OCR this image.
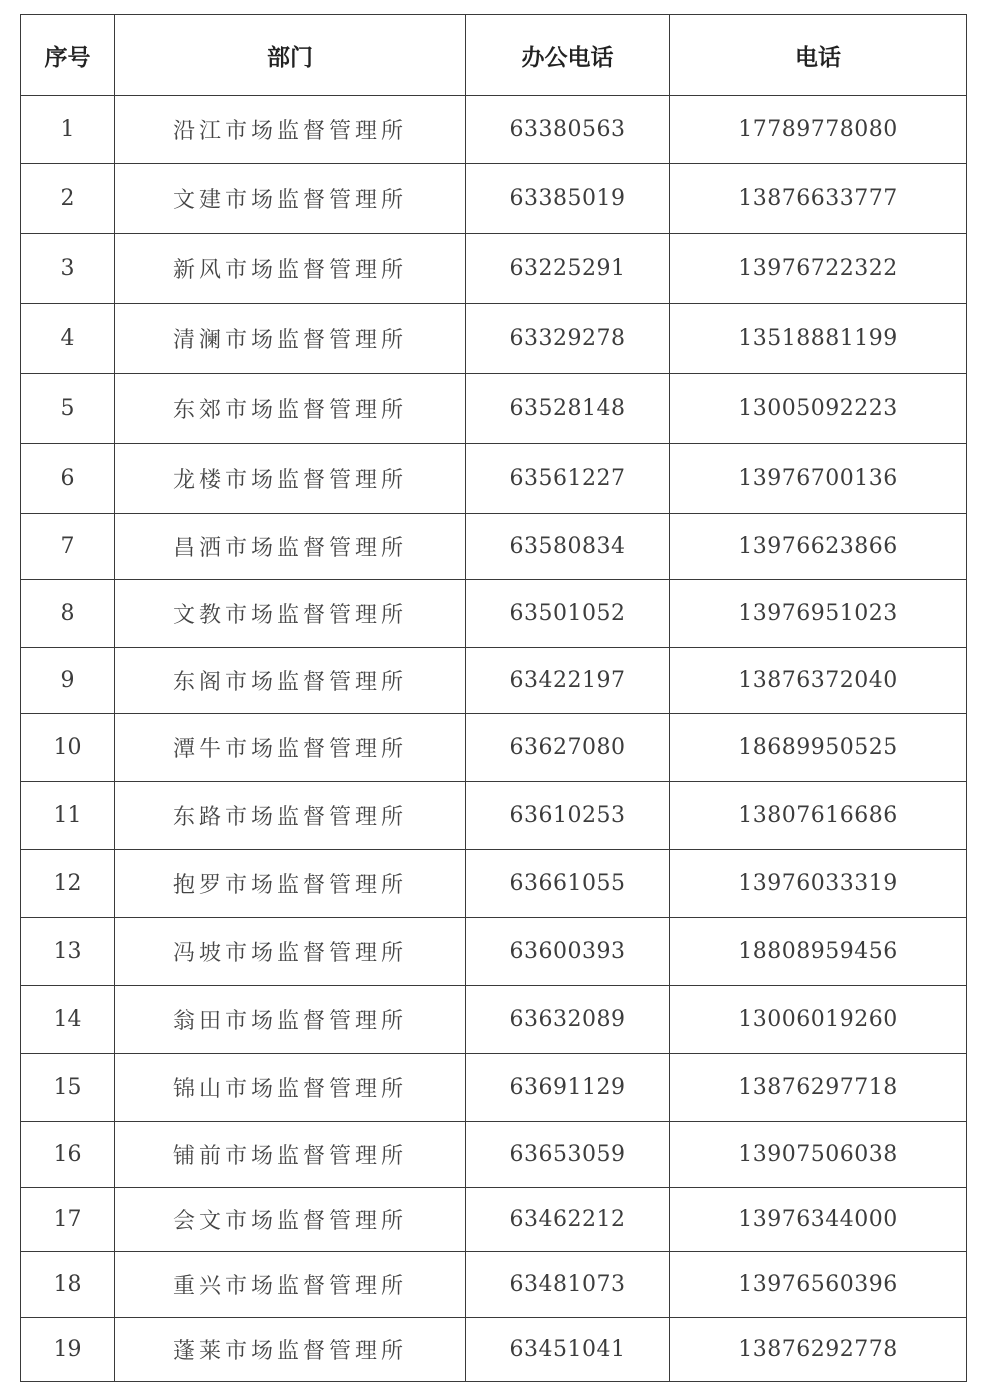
序号	部门	办公电话	电话
1	沿江市场监督管理所	63380563	17789778080
2	文建市场监督管理所	63385019	13876633777
3	新风市场监督管理所	63225291	13976722322
4	清澜市场监督管理所	63329278	13518881199
5	东郊市场监督管理所	63528148	13005092223
6	龙楼市场监督管理所	63561227	13976700136
7	昌洒市场监督管理所	63580834	13976623866
8	文教市场监督管理所	63501052	13976951023
9	东阁市场监督管理所	63422197	13876372040
10	潭牛市场监督管理所	63627080	18689950525
11	东路市场监督管理所	63610253	13807616686
12	抱罗市场监督管理所	63661055	13976033319
13	冯坡市场监督管理所	63600393	18808959456
14	翁田市场监督管理所	63632089	13006019260
15	锦山市场监督管理所	63691129	13876297718
16	铺前市场监督管理所	63653059	13907506038
17	会文市场监督管理所	63462212	13976344000
18	重兴市场监督管理所	63481073	13976560396
19	蓬莱市场监督管理所	63451041	13876292778
